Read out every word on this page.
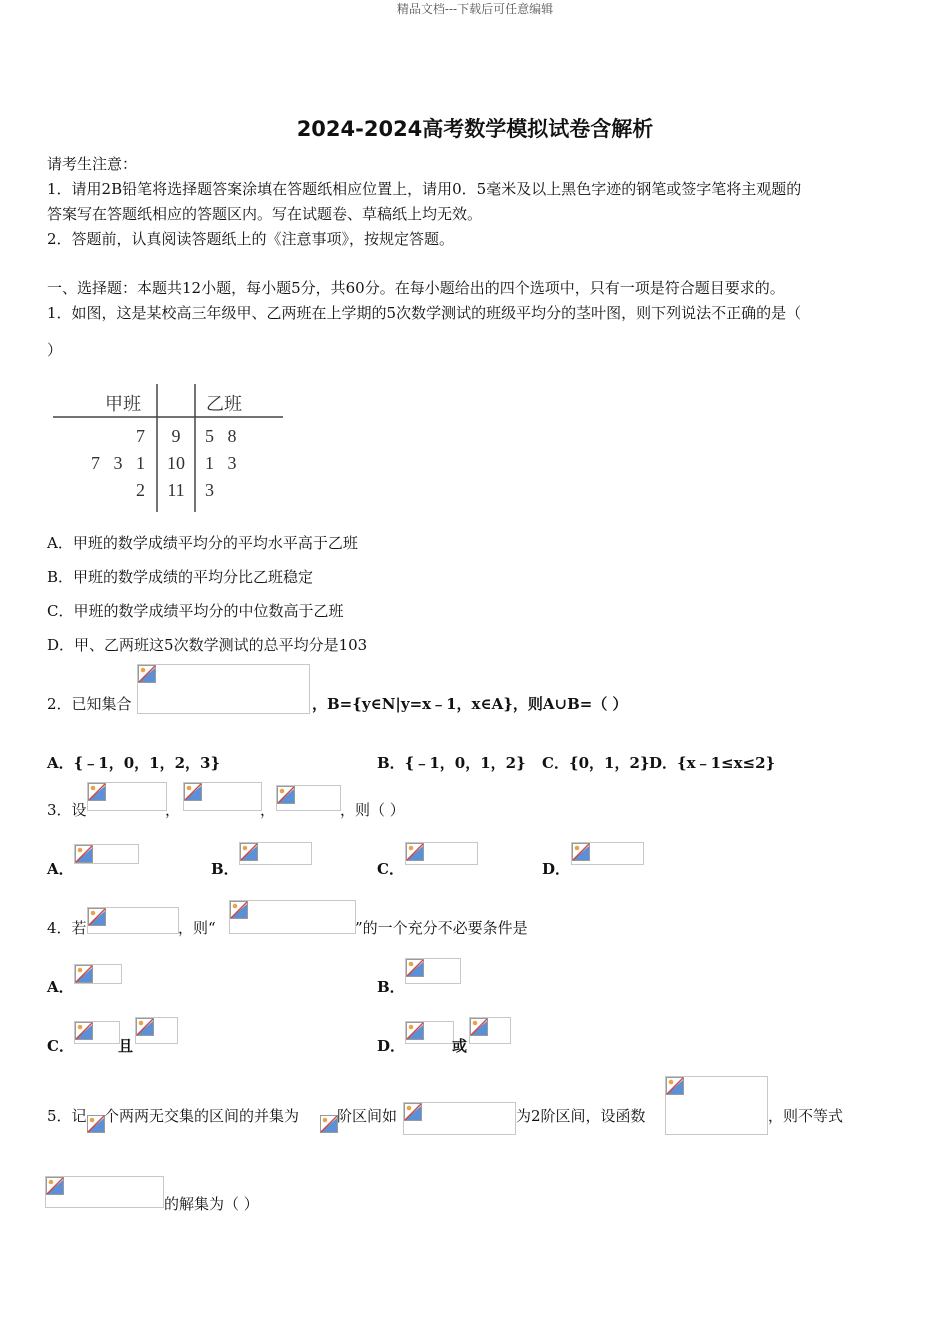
精品文档---下载后可任意编辑
2024-2024高考数学模拟试卷含解析
请考生注意：
1．请用2B铅笔将选择题答案涂填在答题纸相应位置上，请用0．5毫米及以上黑色字迹的钢笔或签字笔将主观题的
答案写在答题纸相应的答题区内。写在试题卷、草稿纸上均无效。
2．答题前，认真阅读答题纸上的《注意事项》，按规定答题。
一、选择题：本题共12小题，每小题5分，共60分。在每小题给出的四个选项中，只有一项是符合题目要求的。
1．如图，这是某校高三年级甲、乙两班在上学期的5次数学测试的班级平均分的茎叶图，则下列说法不正确的是（
）
甲班	乙班
7	9	5   8
7   3   1	10	1   3
2	11	3
A．甲班的数学成绩平均分的平均水平高于乙班
B．甲班的数学成绩的平均分比乙班稳定
C．甲班的数学成绩平均分的中位数高于乙班
D．甲、乙两班这5次数学测试的总平均分是103
2．已知集合	，B={y∈N|y=x﹣1，x∈A}，则A∪B=（ ）
A．{﹣1，0，1，2，3}	B．{﹣1，0，1，2} C．{0，1，2} D．{x﹣1≤x≤2}
3．设	，	，	，则（ ）
A．	B．	C．	D．
4．若	，则“	”的一个充分不必要条件是
A．	B．
C．	且	D．	或
5．记 个两两无交集的区间的并集为	阶区间如	为2阶区间，设函数	，则不等式
的解集为（ ）
